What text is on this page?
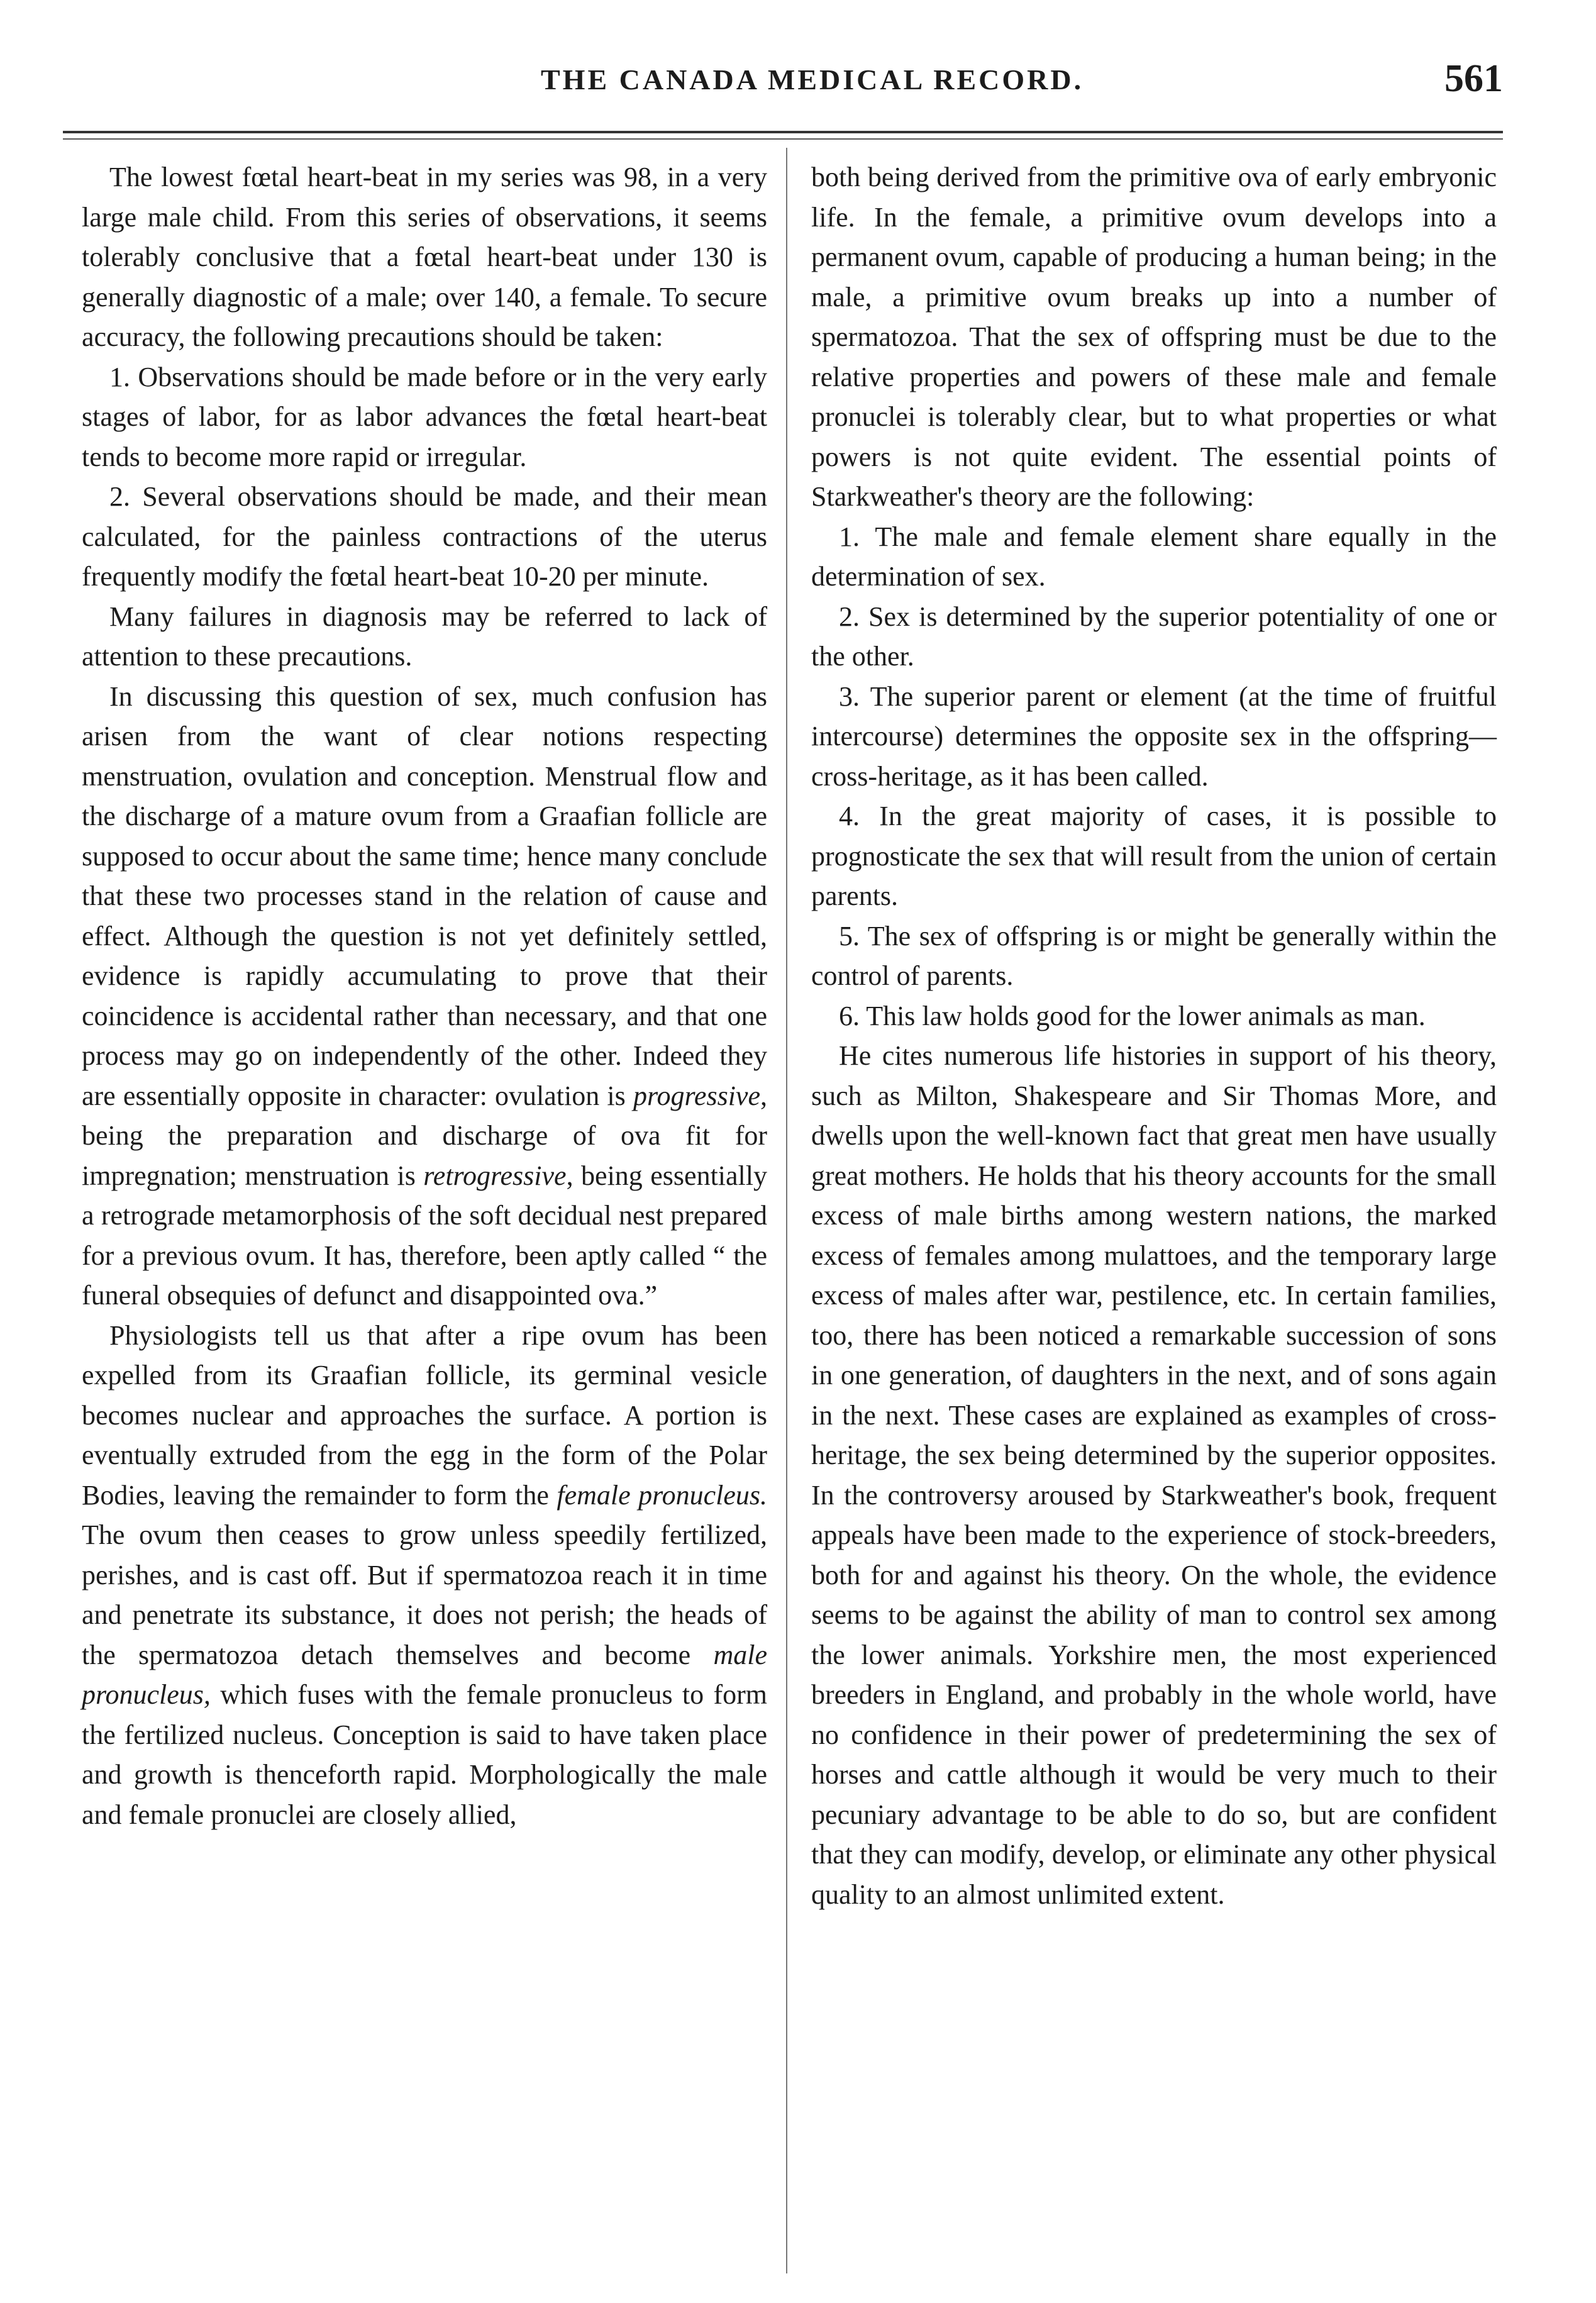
THE CANADA MEDICAL RECORD.	561

The lowest fœtal heart-beat in my series was 98, in a very large male child. From this series of observations, it seems tolerably conclusive that a fœtal heart-beat under 130 is generally diagnostic of a male; over 140, a female. To secure accuracy, the following precautions should be taken:

1. Observations should be made before or in the very early stages of labor, for as labor advances the fœtal heart-beat tends to become more rapid or irregular.

2. Several observations should be made, and their mean calculated, for the painless contractions of the uterus frequently modify the fœtal heart-beat 10-20 per minute.

Many failures in diagnosis may be referred to lack of attention to these precautions.

In discussing this question of sex, much confusion has arisen from the want of clear notions respecting menstruation, ovulation and conception. Menstrual flow and the discharge of a mature ovum from a Graafian follicle are supposed to occur about the same time; hence many conclude that these two processes stand in the relation of cause and effect. Although the question is not yet definitely settled, evidence is rapidly accumulating to prove that their coincidence is accidental rather than necessary, and that one process may go on independently of the other. Indeed they are essentially opposite in character: ovulation is progressive, being the preparation and discharge of ova fit for impregnation; menstruation is retrogressive, being essentially a retrograde metamorphosis of the soft decidual nest prepared for a previous ovum. It has, therefore, been aptly called “ the funeral obsequies of defunct and disappointed ova.”

Physiologists tell us that after a ripe ovum has been expelled from its Graafian follicle, its germinal vesicle becomes nuclear and approaches the surface. A portion is eventually extruded from the egg in the form of the Polar Bodies, leaving the remainder to form the female pronucleus. The ovum then ceases to grow unless speedily fertilized, perishes, and is cast off. But if spermatozoa reach it in time and penetrate its substance, it does not perish; the heads of the spermatozoa detach themselves and become male pronucleus, which fuses with the female pronucleus to form the fertilized nucleus. Conception is said to have taken place and growth is thenceforth rapid. Morphologically the male and female pronuclei are closely allied,

both being derived from the primitive ova of early embryonic life. In the female, a primitive ovum develops into a permanent ovum, capable of producing a human being; in the male, a primitive ovum breaks up into a number of spermatozoa. That the sex of offspring must be due to the relative properties and powers of these male and female pronuclei is tolerably clear, but to what properties or what powers is not quite evident. The essential points of Starkweather's theory are the following:

1. The male and female element share equally in the determination of sex.

2. Sex is determined by the superior potentiality of one or the other.

3. The superior parent or element (at the time of fruitful intercourse) determines the opposite sex in the offspring—cross-heritage, as it has been called.

4. In the great majority of cases, it is possible to prognosticate the sex that will result from the union of certain parents.

5. The sex of offspring is or might be generally within the control of parents.

6. This law holds good for the lower animals as man.

He cites numerous life histories in support of his theory, such as Milton, Shakespeare and Sir Thomas More, and dwells upon the well-known fact that great men have usually great mothers. He holds that his theory accounts for the small excess of male births among western nations, the marked excess of females among mulattoes, and the temporary large excess of males after war, pestilence, etc. In certain families, too, there has been noticed a remarkable succession of sons in one generation, of daughters in the next, and of sons again in the next. These cases are explained as examples of cross-heritage, the sex being determined by the superior opposites. In the controversy aroused by Starkweather's book, frequent appeals have been made to the experience of stock-breeders, both for and against his theory. On the whole, the evidence seems to be against the ability of man to control sex among the lower animals. Yorkshire men, the most experienced breeders in England, and probably in the whole world, have no confidence in their power of predetermining the sex of horses and cattle although it would be very much to their pecuniary advantage to be able to do so, but are confident that they can modify, develop, or eliminate any other physical quality to an almost unlimited extent.
